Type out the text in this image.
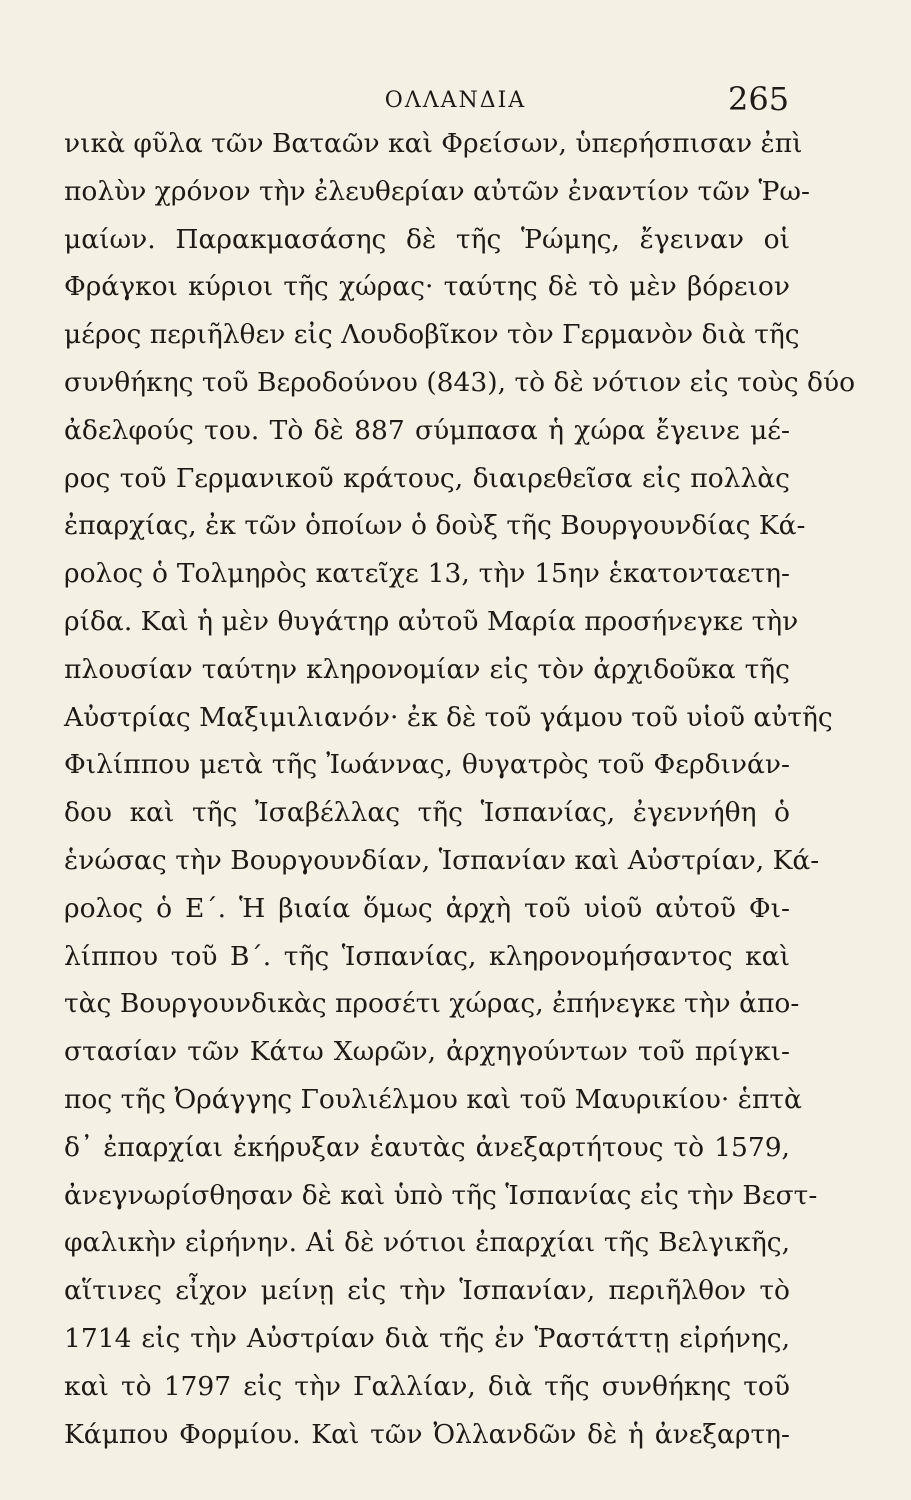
ΟΛΛΑΝΔΙΑ	265
νικὰ φῦλα τῶν Βαταῶν καὶ Φρείσων, ὑπερήσπισαν ἐπὶ
πολὺν χρόνον τὴν ἐλευθερίαν αὐτῶν ἐναντίον τῶν Ῥω-
μαίων. Παρακμασάσης δὲ τῆς Ῥώμης, ἔγειναν οἱ
Φράγκοι κύριοι τῆς χώρας· ταύτης δὲ τὸ μὲν βόρειον
μέρος περιῆλθεν εἰς Λουδοβῖκον τὸν Γερμανὸν διὰ τῆς
συνθήκης τοῦ Βεροδούνου (843), τὸ δὲ νότιον εἰς τοὺς δύο
ἀδελφούς του. Τὸ δὲ 887 σύμπασα ἡ χώρα ἔγεινε μέ-
ρος τοῦ Γερμανικοῦ κράτους, διαιρεθεῖσα εἰς πολλὰς
ἐπαρχίας, ἐκ τῶν ὁποίων ὁ δοὺξ τῆς Βουργουνδίας Κά-
ρολος ὁ Τολμηρὸς κατεῖχε 13, τὴν 15ην ἑκατονταετη-
ρίδα. Καὶ ἡ μὲν θυγάτηρ αὐτοῦ Μαρία προσήνεγκε τὴν
πλουσίαν ταύτην κληρονομίαν εἰς τὸν ἀρχιδοῦκα τῆς
Αὐστρίας Μαξιμιλιανόν· ἐκ δὲ τοῦ γάμου τοῦ υἱοῦ αὐτῆς
Φιλίππου μετὰ τῆς Ἰωάννας, θυγατρὸς τοῦ Φερδινάν-
δου καὶ τῆς Ἰσαβέλλας τῆς Ἱσπανίας, ἐγεννήθη ὁ
ἑνώσας τὴν Βουργουνδίαν, Ἱσπανίαν καὶ Αὐστρίαν, Κά-
ρολος ὁ Ε΄. Ἡ βιαία ὅμως ἀρχὴ τοῦ υἱοῦ αὐτοῦ Φι-
λίππου τοῦ Β΄. τῆς Ἱσπανίας, κληρονομήσαντος καὶ
τὰς Βουργουνδικὰς προσέτι χώρας, ἐπήνεγκε τὴν ἀπο-
στασίαν τῶν Κάτω Χωρῶν, ἀρχηγούντων τοῦ πρίγκι-
πος τῆς Ὀράγγης Γουλιέλμου καὶ τοῦ Μαυρικίου· ἑπτὰ
δ᾽ ἐπαρχίαι ἐκήρυξαν ἑαυτὰς ἀνεξαρτήτους τὸ 1579,
ἀνεγνωρίσθησαν δὲ καὶ ὑπὸ τῆς Ἱσπανίας εἰς τὴν Βεστ-
φαλικὴν εἰρήνην. Αἱ δὲ νότιοι ἐπαρχίαι τῆς Βελγικῆς,
αἵτινες εἶχον μείνῃ εἰς τὴν Ἱσπανίαν, περιῆλθον τὸ
1714 εἰς τὴν Αὐστρίαν διὰ τῆς ἐν Ῥαστάττῃ εἰρήνης,
καὶ τὸ 1797 εἰς τὴν Γαλλίαν, διὰ τῆς συνθήκης τοῦ
Κάμπου Φορμίου. Καὶ τῶν Ὀλλανδῶν δὲ ἡ ἀνεξαρτη-
